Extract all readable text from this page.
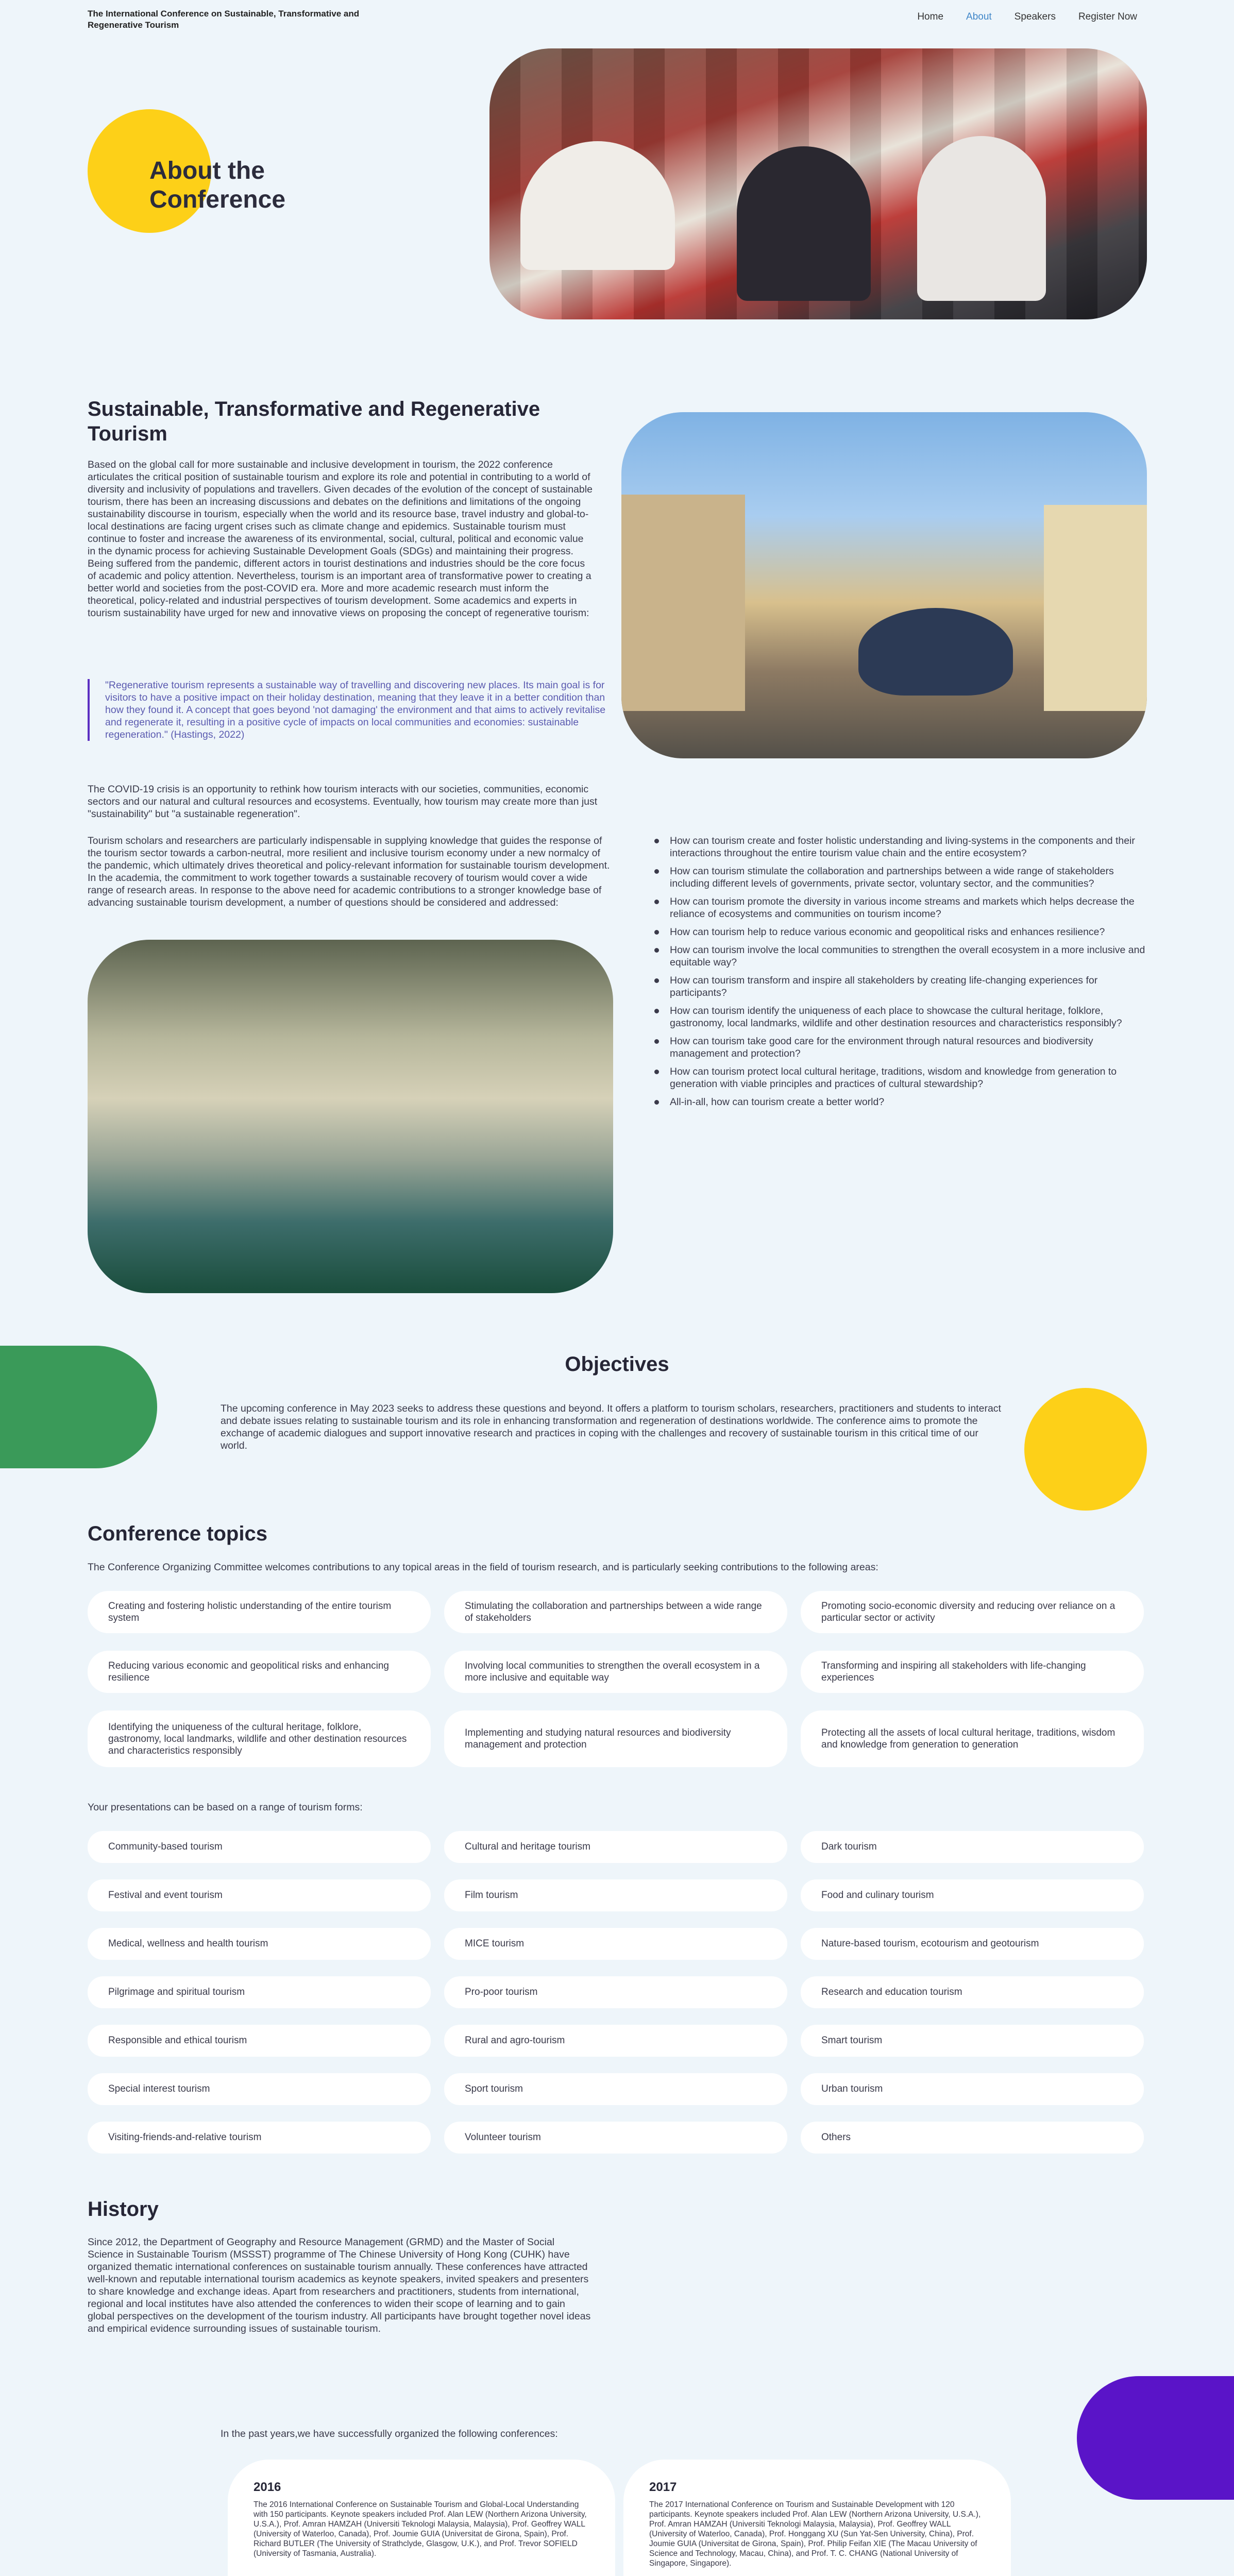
The International Conference on Sustainable, Transformative and Regenerative Tourism
Home About Speakers Register Now
About the Conference
Sustainable, Transformative and Regenerative Tourism
Based on the global call for more sustainable and inclusive development in tourism, the 2022 conference articulates the critical position of sustainable tourism and explore its role and potential in contributing to a world of diversity and inclusivity of populations and travellers. Given decades of the evolution of the concept of sustainable tourism, there has been an increasing discussions and debates on the definitions and limitations of the ongoing sustainability discourse in tourism, especially when the world and its resource base, travel industry and global-to-local destinations are facing urgent crises such as climate change and epidemics. Sustainable tourism must continue to foster and increase the awareness of its environmental, social, cultural, political and economic value in the dynamic process for achieving Sustainable Development Goals (SDGs) and maintaining their progress. Being suffered from the pandemic, different actors in tourist destinations and industries should be the core focus of academic and policy attention. Nevertheless, tourism is an important area of transformative power to creating a better world and societies from the post-COVID era. More and more academic research must inform the theoretical, policy-related and industrial perspectives of tourism development. Some academics and experts in tourism sustainability have urged for new and innovative views on proposing the concept of regenerative tourism:
"Regenerative tourism represents a sustainable way of travelling and discovering new places. Its main goal is for visitors to have a positive impact on their holiday destination, meaning that they leave it in a better condition than how they found it. A concept that goes beyond 'not damaging' the environment and that aims to actively revitalise and regenerate it, resulting in a positive cycle of impacts on local communities and economies: sustainable regeneration." (Hastings, 2022)
The COVID-19 crisis is an opportunity to rethink how tourism interacts with our societies, communities, economic sectors and our natural and cultural resources and ecosystems. Eventually, how tourism may create more than just "sustainability" but "a sustainable regeneration".
Tourism scholars and researchers are particularly indispensable in supplying knowledge that guides the response of the tourism sector towards a carbon-neutral, more resilient and inclusive tourism economy under a new normalcy of the pandemic, which ultimately drives theoretical and policy-relevant information for sustainable tourism development. In the academia, the commitment to work together towards a sustainable recovery of tourism would cover a wide range of research areas. In response to the above need for academic contributions to a stronger knowledge base of advancing sustainable tourism development, a number of questions should be considered and addressed:
How can tourism create and foster holistic understanding and living-systems in the components and their interactions throughout the entire tourism value chain and the entire ecosystem?
How can tourism stimulate the collaboration and partnerships between a wide range of stakeholders including different levels of governments, private sector, voluntary sector, and the communities?
How can tourism promote the diversity in various income streams and markets which helps decrease the reliance of ecosystems and communities on tourism income?
How can tourism help to reduce various economic and geopolitical risks and enhances resilience?
How can tourism involve the local communities to strengthen the overall ecosystem in a more inclusive and equitable way?
How can tourism transform and inspire all stakeholders by creating life-changing experiences for participants?
How can tourism identify the uniqueness of each place to showcase the cultural heritage, folklore, gastronomy, local landmarks, wildlife and other destination resources and characteristics responsibly?
How can tourism take good care for the environment through natural resources and biodiversity management and protection?
How can tourism protect local cultural heritage, traditions, wisdom and knowledge from generation to generation with viable principles and practices of cultural stewardship?
All-in-all, how can tourism create a better world?
Objectives
The upcoming conference in May 2023 seeks to address these questions and beyond. It offers a platform to tourism scholars, researchers, practitioners and students to interact and debate issues relating to sustainable tourism and its role in enhancing transformation and regeneration of destinations worldwide. The conference aims to promote the exchange of academic dialogues and support innovative research and practices in coping with the challenges and recovery of sustainable tourism in this critical time of our world.
Conference topics
The Conference Organizing Committee welcomes contributions to any topical areas in the field of tourism research, and is particularly seeking contributions to the following areas:
Creating and fostering holistic understanding of the entire tourism system
Stimulating the collaboration and partnerships between a wide range of stakeholders
Promoting socio-economic diversity and reducing over reliance on a particular sector or activity
Reducing various economic and geopolitical risks and enhancing resilience
Involving local communities to strengthen the overall ecosystem in a more inclusive and equitable way
Transforming and inspiring all stakeholders with life-changing experiences
Identifying the uniqueness of the cultural heritage, folklore, gastronomy, local landmarks, wildlife and other destination resources and characteristics responsibly
Implementing and studying natural resources and biodiversity management and protection
Protecting all the assets of local cultural heritage, traditions, wisdom and knowledge from generation to generation
Your presentations can be based on a range of tourism forms:
Community-based tourism	Cultural and heritage tourism	Dark tourism
Festival and event tourism	Film tourism	Food and culinary tourism
Medical, wellness and health tourism	MICE tourism	Nature-based tourism, ecotourism and geotourism
Pilgrimage and spiritual tourism	Pro-poor tourism	Research and education tourism
Responsible and ethical tourism	Rural and agro-tourism	Smart tourism
Special interest tourism	Sport tourism	Urban tourism
Visiting-friends-and-relative tourism	Volunteer tourism	Others
History
Since 2012, the Department of Geography and Resource Management (GRMD) and the Master of Social Science in Sustainable Tourism (MSSST) programme of The Chinese University of Hong Kong (CUHK) have organized thematic international conferences on sustainable tourism annually. These conferences have attracted well-known and reputable international tourism academics as keynote speakers, invited speakers and presenters to share knowledge and exchange ideas. Apart from researchers and practitioners, students from international, regional and local institutes have also attended the conferences to widen their scope of learning and to gain global perspectives on the development of the tourism industry. All participants have brought together novel ideas and empirical evidence surrounding issues of sustainable tourism.
In the past years,we have successfully organized the following conferences:
2016
The 2016 International Conference on Sustainable Tourism and Global-Local Understanding with 150 participants. Keynote speakers included Prof. Alan LEW (Northern Arizona University, U.S.A.), Prof. Amran HAMZAH (Universiti Teknologi Malaysia, Malaysia), Prof. Geoffrey WALL (University of Waterloo, Canada), Prof. Joumie GUIA (Universitat de Girona, Spain), Prof. Richard BUTLER (The University of Strathclyde, Glasgow, U.K.), and Prof. Trevor SOFIELD (University of Tasmania, Australia).
2017
The 2017 International Conference on Tourism and Sustainable Development with 120 participants. Keynote speakers included Prof. Alan LEW (Northern Arizona University, U.S.A.), Prof. Amran HAMZAH (Universiti Teknologi Malaysia, Malaysia), Prof. Geoffrey WALL (University of Waterloo, Canada), Prof. Honggang XU (Sun Yat-Sen University, China), Prof. Joumie GUIA (Universitat de Girona, Spain), Prof. Philip Feifan XIE (The Macau University of Science and Technology, Macau, China), and Prof. T. C. CHANG (National University of Singapore, Singapore).
